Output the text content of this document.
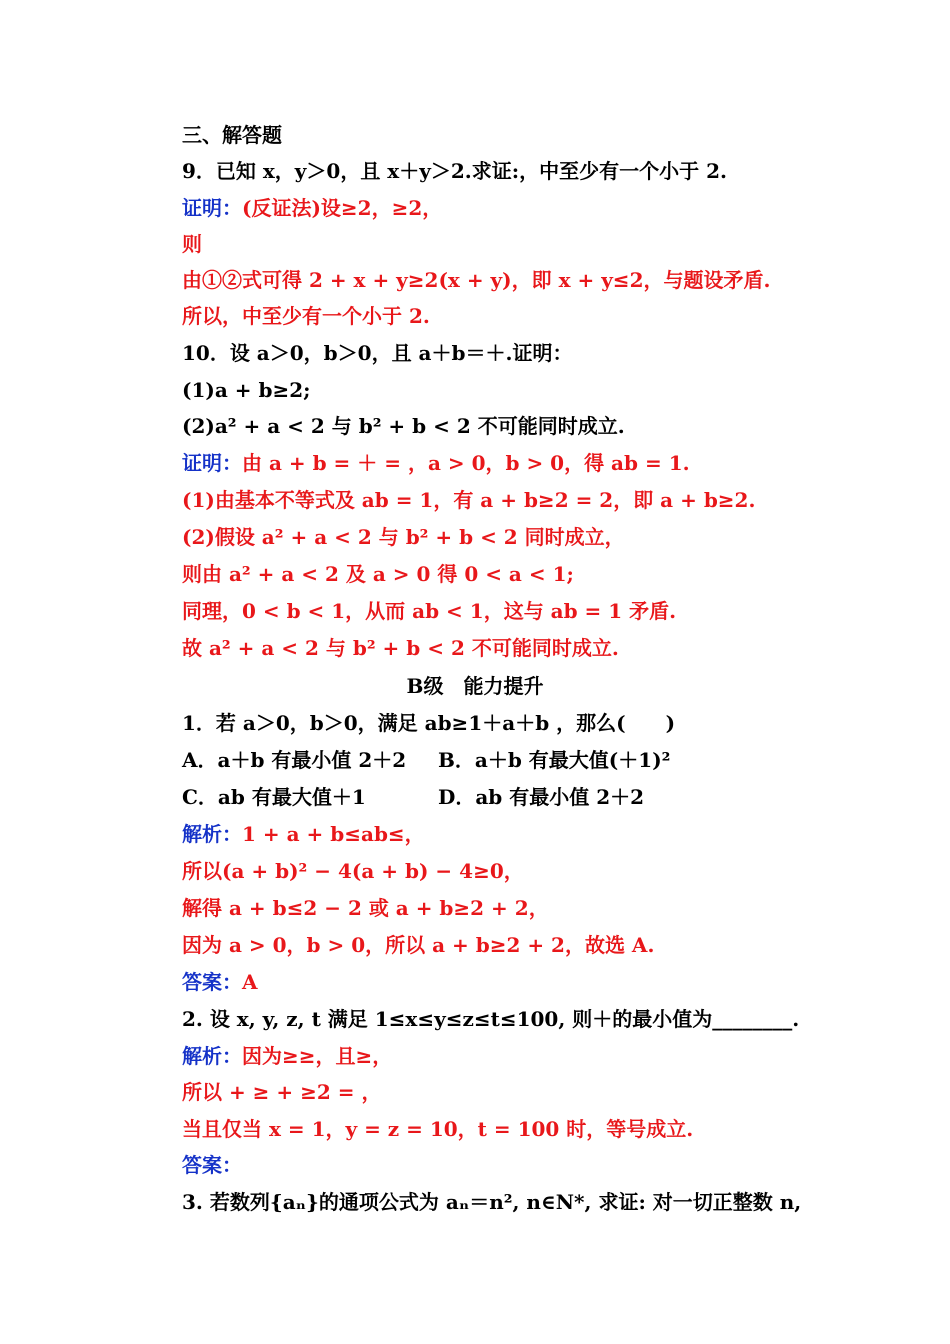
三、解答题
9．已知 x，y＞0，且 x＋y＞2.求证:，中至少有一个小于 2.
证明：(反证法)设≥2，≥2，
则
由①②式可得 2 + x + y≥2(x + y)，即 x + y≤2，与题设矛盾.
所以，中至少有一个小于 2.
10．设 a＞0，b＞0，且 a＋b＝＋.证明：
(1)a + b≥2;
(2)a² + a < 2 与 b² + b < 2 不可能同时成立.
证明：由 a + b = ＋ = ，a > 0，b > 0，得 ab = 1.
(1)由基本不等式及 ab = 1，有 a + b≥2 = 2，即 a + b≥2.
(2)假设 a² + a < 2 与 b² + b < 2 同时成立，
则由 a² + a < 2 及 a > 0 得 0 < a < 1;
同理，0 < b < 1，从而 ab < 1，这与 ab = 1 矛盾.
故 a² + a < 2 与 b² + b < 2 不可能同时成立.
B级　能力提升
1．若 a＞0，b＞0，满足 ab≥1＋a＋b ，那么(　　)
A．a＋b 有最小值 2＋2 B．a＋b 有最大值(＋1)²
C．ab 有最大值＋1	D．ab 有最小值 2＋2
解析：1 + a + b≤ab≤，
所以(a + b)² − 4(a + b) − 4≥0，
解得 a + b≤2 − 2 或 a + b≥2 + 2，
因为 a > 0，b > 0，所以 a + b≥2 + 2，故选 A.
答案：A
2. 设 x, y, z, t 满足 1≤x≤y≤z≤t≤100, 则＋的最小值为________.
解析：因为≥≥，且≥，
所以 + ≥ + ≥2 = ，
当且仅当 x = 1，y = z = 10，t = 100 时，等号成立.
答案：
3. 若数列{aₙ}的通项公式为 aₙ＝n², n∈N*, 求证: 对一切正整数 n,
